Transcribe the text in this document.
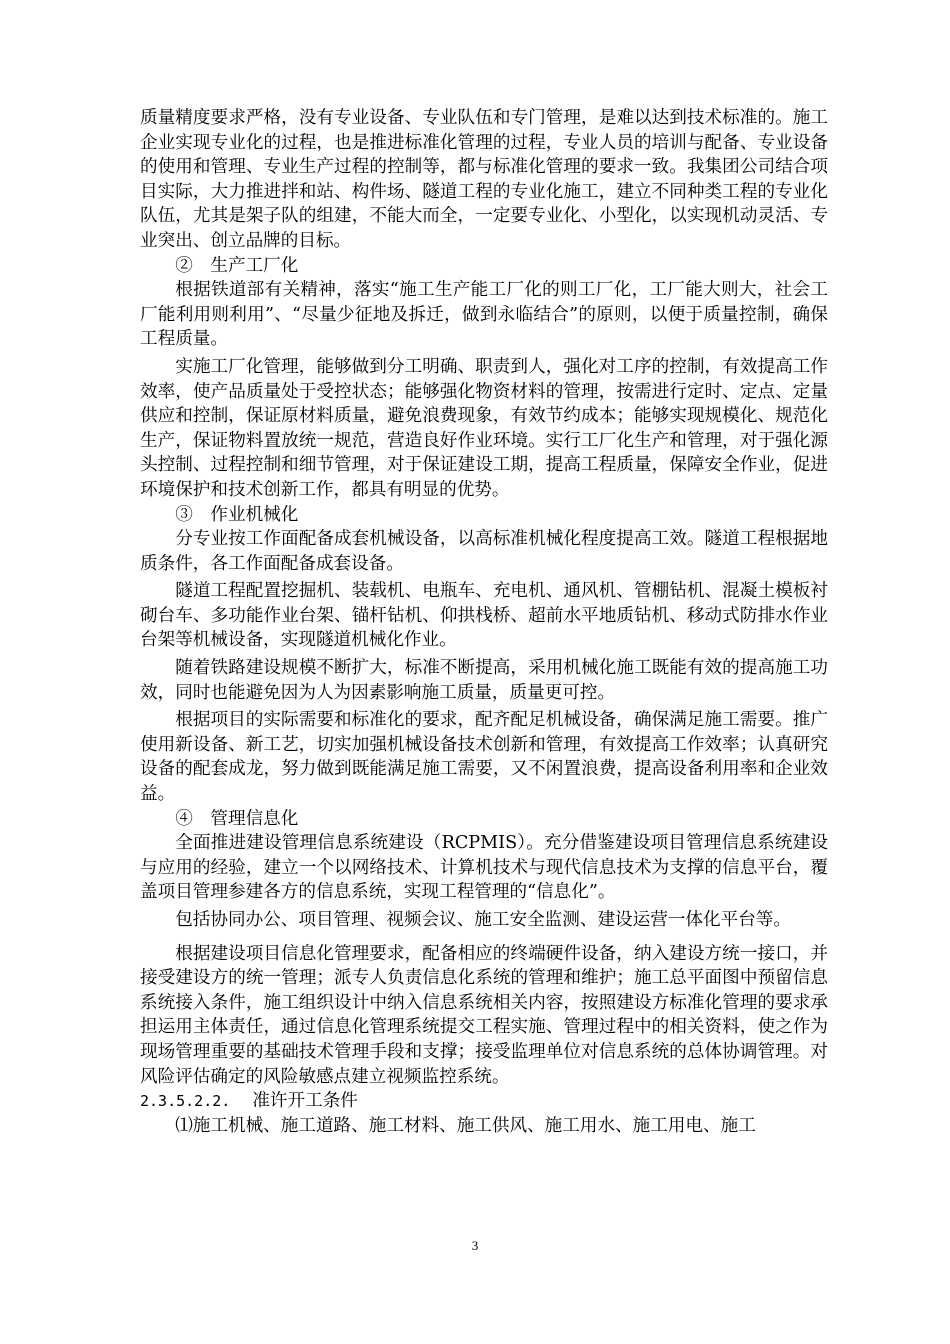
质量精度要求严格，没有专业设备、专业队伍和专门管理，是难以达到技术标准的。施工企业实现专业化的过程，也是推进标准化管理的过程，专业人员的培训与配备、专业设备的使用和管理、专业生产过程的控制等，都与标准化管理的要求一致。我集团公司结合项目实际，大力推进拌和站、构件场、隧道工程的专业化施工，建立不同种类工程的专业化队伍，尤其是架子队的组建，不能大而全，一定要专业化、小型化，以实现机动灵活、专业突出、创立品牌的目标。

②　生产工厂化

根据铁道部有关精神，落实“施工生产能工厂化的则工厂化，工厂能大则大，社会工厂能利用则利用”、“尽量少征地及拆迁，做到永临结合”的原则，以便于质量控制，确保工程质量。

实施工厂化管理，能够做到分工明确、职责到人，强化对工序的控制，有效提高工作效率，使产品质量处于受控状态；能够强化物资材料的管理，按需进行定时、定点、定量供应和控制，保证原材料质量，避免浪费现象，有效节约成本；能够实现规模化、规范化生产，保证物料置放统一规范，营造良好作业环境。实行工厂化生产和管理，对于强化源头控制、过程控制和细节管理，对于保证建设工期，提高工程质量，保障安全作业，促进环境保护和技术创新工作，都具有明显的优势。

③　作业机械化

分专业按工作面配备成套机械设备，以高标准机械化程度提高工效。隧道工程根据地质条件，各工作面配备成套设备。

隧道工程配置挖掘机、装载机、电瓶车、充电机、通风机、管棚钻机、混凝土模板衬砌台车、多功能作业台架、锚杆钻机、仰拱栈桥、超前水平地质钻机、移动式防排水作业台架等机械设备，实现隧道机械化作业。

随着铁路建设规模不断扩大，标准不断提高，采用机械化施工既能有效的提高施工功效，同时也能避免因为人为因素影响施工质量，质量更可控。

根据项目的实际需要和标准化的要求，配齐配足机械设备，确保满足施工需要。推广使用新设备、新工艺，切实加强机械设备技术创新和管理，有效提高工作效率；认真研究设备的配套成龙，努力做到既能满足施工需要，又不闲置浪费，提高设备利用率和企业效益。

④　管理信息化

全面推进建设管理信息系统建设（RCPMIS）。充分借鉴建设项目管理信息系统建设与应用的经验，建立一个以网络技术、计算机技术与现代信息技术为支撑的信息平台，覆盖项目管理参建各方的信息系统，实现工程管理的“信息化”。

包括协同办公、项目管理、视频会议、施工安全监测、建设运营一体化平台等。

根据建设项目信息化管理要求，配备相应的终端硬件设备，纳入建设方统一接口，并接受建设方的统一管理；派专人负责信息化系统的管理和维护；施工总平面图中预留信息系统接入条件，施工组织设计中纳入信息系统相关内容，按照建设方标准化管理的要求承担运用主体责任，通过信息化管理系统提交工程实施、管理过程中的相关资料，使之作为现场管理重要的基础技术管理手段和支撑；接受监理单位对信息系统的总体协调管理。对风险评估确定的风险敏感点建立视频监控系统。

2.3.5.2.2. 准许开工条件

⑴施工机械、施工道路、施工材料、施工供风、施工用水、施工用电、施工

3
